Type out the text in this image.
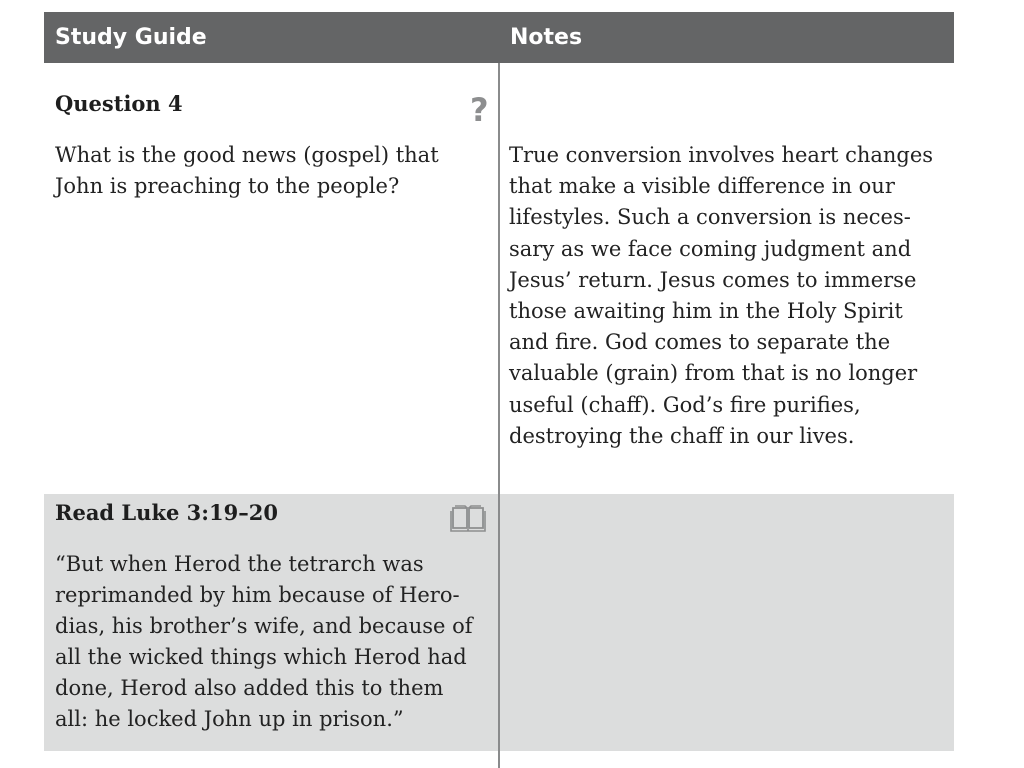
Study Guide	Notes
Question 4	?

What is the good news (gospel) that
John is preaching to the people?

True conversion involves heart changes
that make a visible difference in our
lifestyles. Such a conversion is neces-
sary as we face coming judgment and
Jesus’ return. Jesus comes to immerse
those awaiting him in the Holy Spirit
and fire. God comes to separate the
valuable (grain) from that is no longer
useful (chaff). God’s fire purifies,
destroying the chaff in our lives.

Read Luke 3:19–20

“But when Herod the tetrarch was
reprimanded by him because of Hero-
dias, his brother’s wife, and because of
all the wicked things which Herod had
done, Herod also added this to them
all: he locked John up in prison.”
